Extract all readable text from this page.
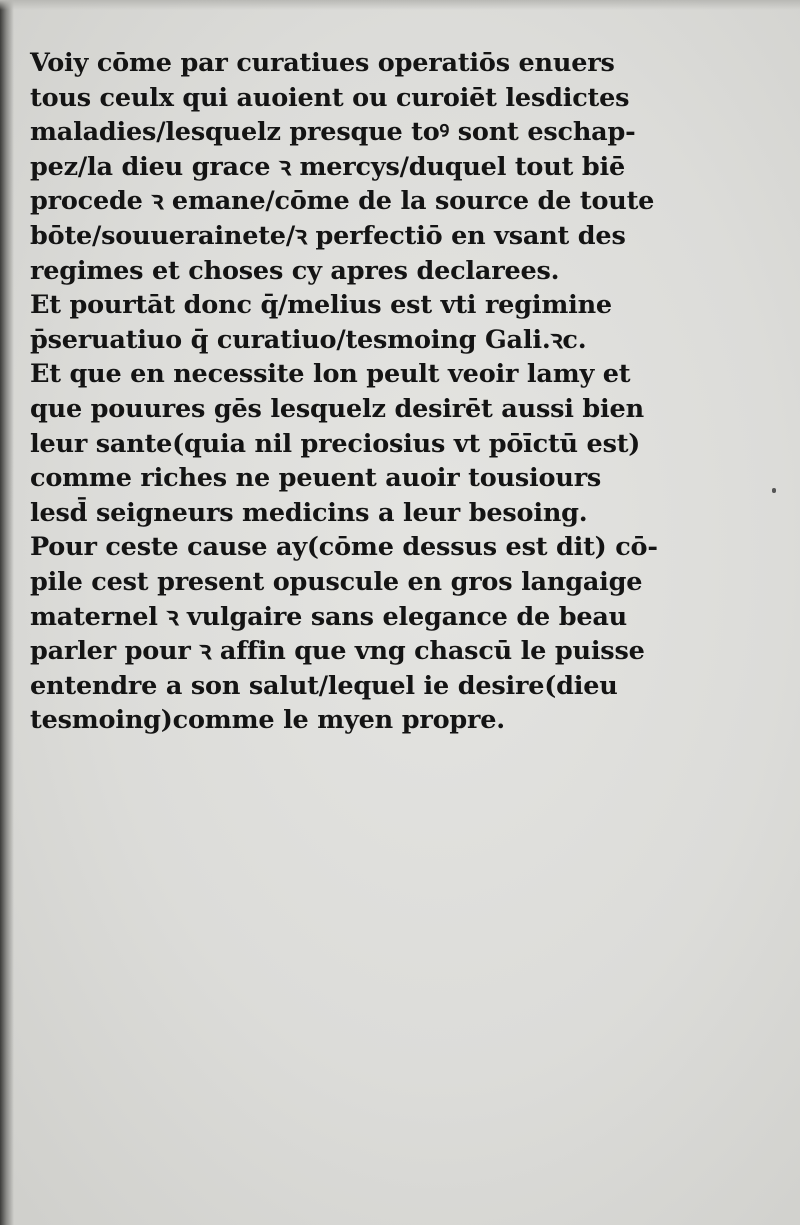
Voiy cōme par curatiues operatiōs enuers
tous ceulx qui auoient ou curoiēt lesdictes
maladies/lesquelz presque toꝰ sont eschap-
pez/la dieu grace ꝛ mercys/duquel tout biē
procede ꝛ emane/cōme de la source de toute
bōte/souuerainete/ꝛ perfectiō en vsant des
regimes et choses cy apres declarees.
Et pourtāt donc q̄/melius est vti regimine
p̄seruatiuo q̄ curatiuo/tesmoing Gali.ꝛc.
Et que en necessite lon peult veoir lamy et
que pouures gēs lesquelz desirēt aussi bien
leur sante(quia nil preciosius vt pōīctū est)
comme riches ne peuent auoir tousiours
lesd̄ seigneurs medicins a leur besoing.
Pour ceste cause ay(cōme dessus est dit) cō-
pile cest present opuscule en gros langaige
maternel ꝛ vulgaire sans elegance de beau
parler pour ꝛ affin que vng chascū le puisse
entendre a son salut/lequel ie desire(dieu
tesmoing)comme le myen propre.
